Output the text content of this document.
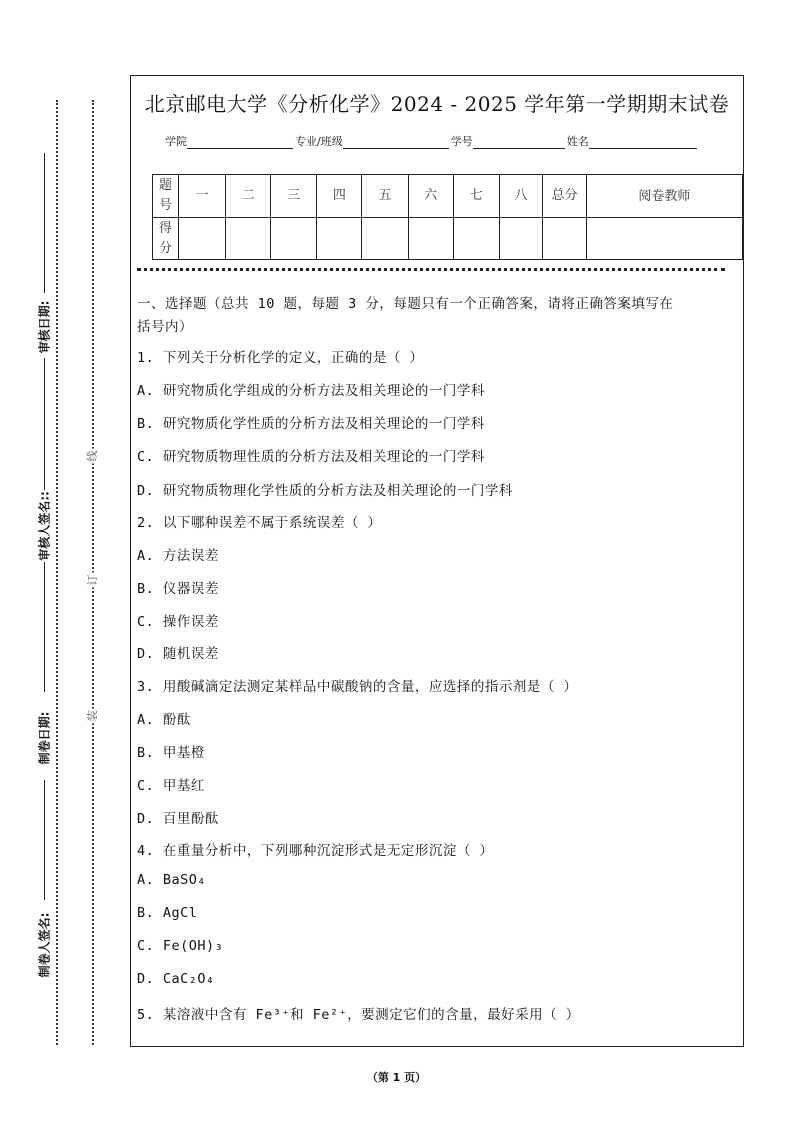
审核日期:
审核人签名::
制卷日期:
制卷人签名:
线
订
装
北京邮电大学《分析化学》2024 - 2025 学年第一学期期末试卷
学院	专业/班级	学号	姓名
题号	一	二	三	四	五	六	七	八	总分	阅卷教师
得分										
一、选择题（总共 10 题，每题 3 分，每题只有一个正确答案，请将正确答案填写在
括号内）
1. 下列关于分析化学的定义，正确的是（ ）
A. 研究物质化学组成的分析方法及相关理论的一门学科
B. 研究物质化学性质的分析方法及相关理论的一门学科
C. 研究物质物理性质的分析方法及相关理论的一门学科
D. 研究物质物理化学性质的分析方法及相关理论的一门学科
2. 以下哪种误差不属于系统误差（ ）
A. 方法误差
B. 仪器误差
C. 操作误差
D. 随机误差
3. 用酸碱滴定法测定某样品中碳酸钠的含量，应选择的指示剂是（ ）
A. 酚酞
B. 甲基橙
C. 甲基红
D. 百里酚酞
4. 在重量分析中，下列哪种沉淀形式是无定形沉淀（ ）
A. BaSO₄
B. AgCl
C. Fe(OH)₃
D. CaC₂O₄
5. 某溶液中含有 Fe³⁺和 Fe²⁺，要测定它们的含量，最好采用（ ）
（第 1 页）
